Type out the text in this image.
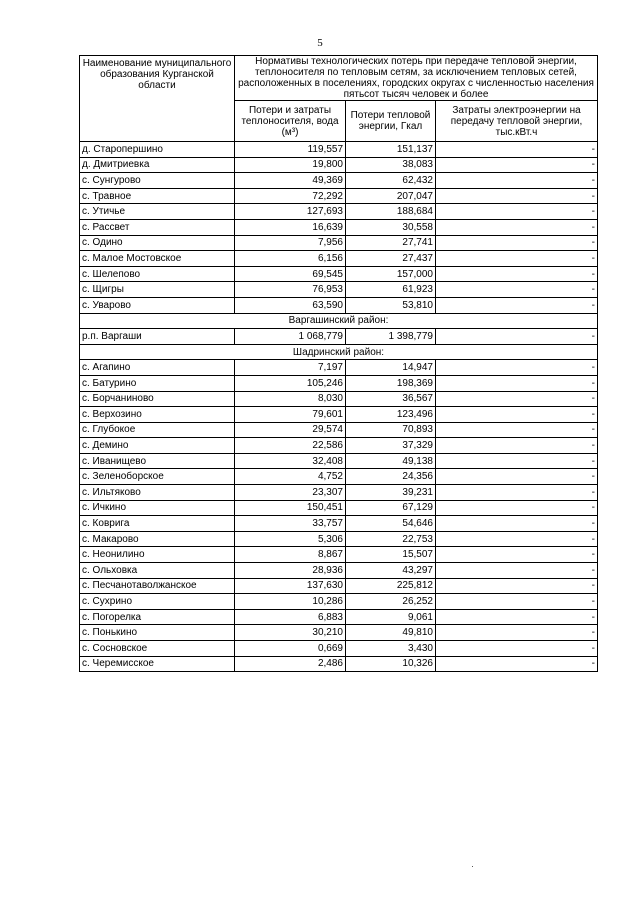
5
Наименование муниципального образования Курганской области	Нормативы технологических потерь при передаче тепловой энергии, теплоносителя по тепловым сетям, за исключением тепловых сетей, расположенных в поселениях, городских округах с численностью населения пятьсот тысяч человек и более		
	Потери и затраты теплоносителя, вода (м³)	Потери тепловой энергии, Гкал	Затраты электроэнергии на передачу тепловой энергии, тыс.кВт.ч
д. Старопершино	119,557	151,137	-
д. Дмитриевка	19,800	38,083	-
с. Сунгурово	49,369	62,432	-
с. Травное	72,292	207,047	-
с. Утичье	127,693	188,684	-
с. Рассвет	16,639	30,558	-
с. Одино	7,956	27,741	-
с. Малое Мостовское	6,156	27,437	-
с. Шелепово	69,545	157,000	-
с. Щигры	76,953	61,923	-
с. Уварово	63,590	53,810	-
Варгашинский район:			
р.п. Варгаши	1 068,779	1 398,779	-
Шадринский район:			
с. Агапино	7,197	14,947	-
с. Батурино	105,246	198,369	-
с. Борчаниново	8,030	36,567	-
с. Верхозино	79,601	123,496	-
с. Глубокое	29,574	70,893	-
с. Демино	22,586	37,329	-
с. Иванищево	32,408	49,138	-
с. Зеленоборское	4,752	24,356	-
с. Ильтяково	23,307	39,231	-
с. Ичкино	150,451	67,129	-
с. Коврига	33,757	54,646	-
с. Макарово	5,306	22,753	-
с. Неонилино	8,867	15,507	-
с. Ольховка	28,936	43,297	-
с. Песчанотаволжанское	137,630	225,812	-
с. Сухрино	10,286	26,252	-
с. Погорелка	6,883	9,061	-
с. Понькино	30,210	49,810	-
с. Сосновское	0,669	3,430	-
с. Черемисское	2,486	10,326	-
